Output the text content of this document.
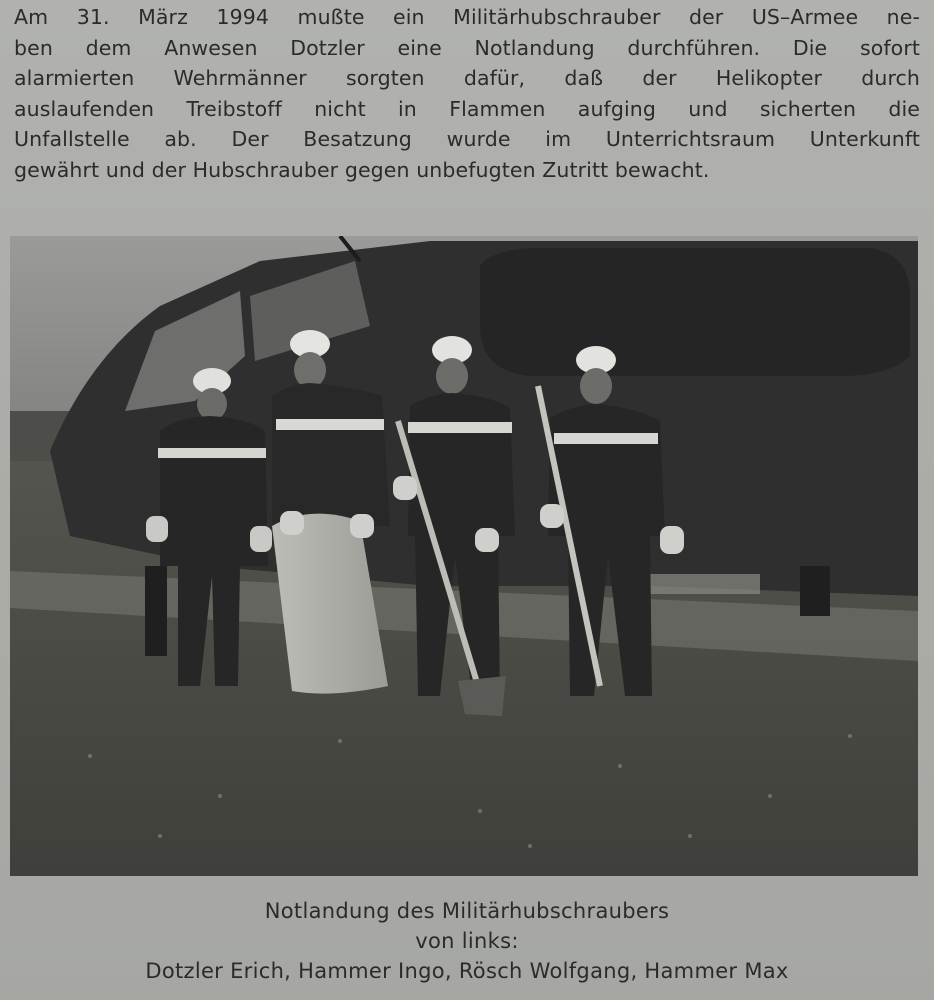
Am 31. März 1994 mußte ein Militärhubschrauber der US–Armee ne-
ben dem Anwesen Dotzler eine Notlandung durchführen. Die sofort
alarmierten Wehrmänner sorgten dafür, daß der Helikopter durch
auslaufenden Treibstoff nicht in Flammen aufging und sicherten die
Unfallstelle ab. Der Besatzung wurde im Unterrichtsraum Unterkunft
gewährt und der Hubschrauber gegen unbefugten Zutritt bewacht.

Notlandung des Militärhubschraubers
von links:
Dotzler Erich, Hammer Ingo, Rösch Wolfgang, Hammer Max
